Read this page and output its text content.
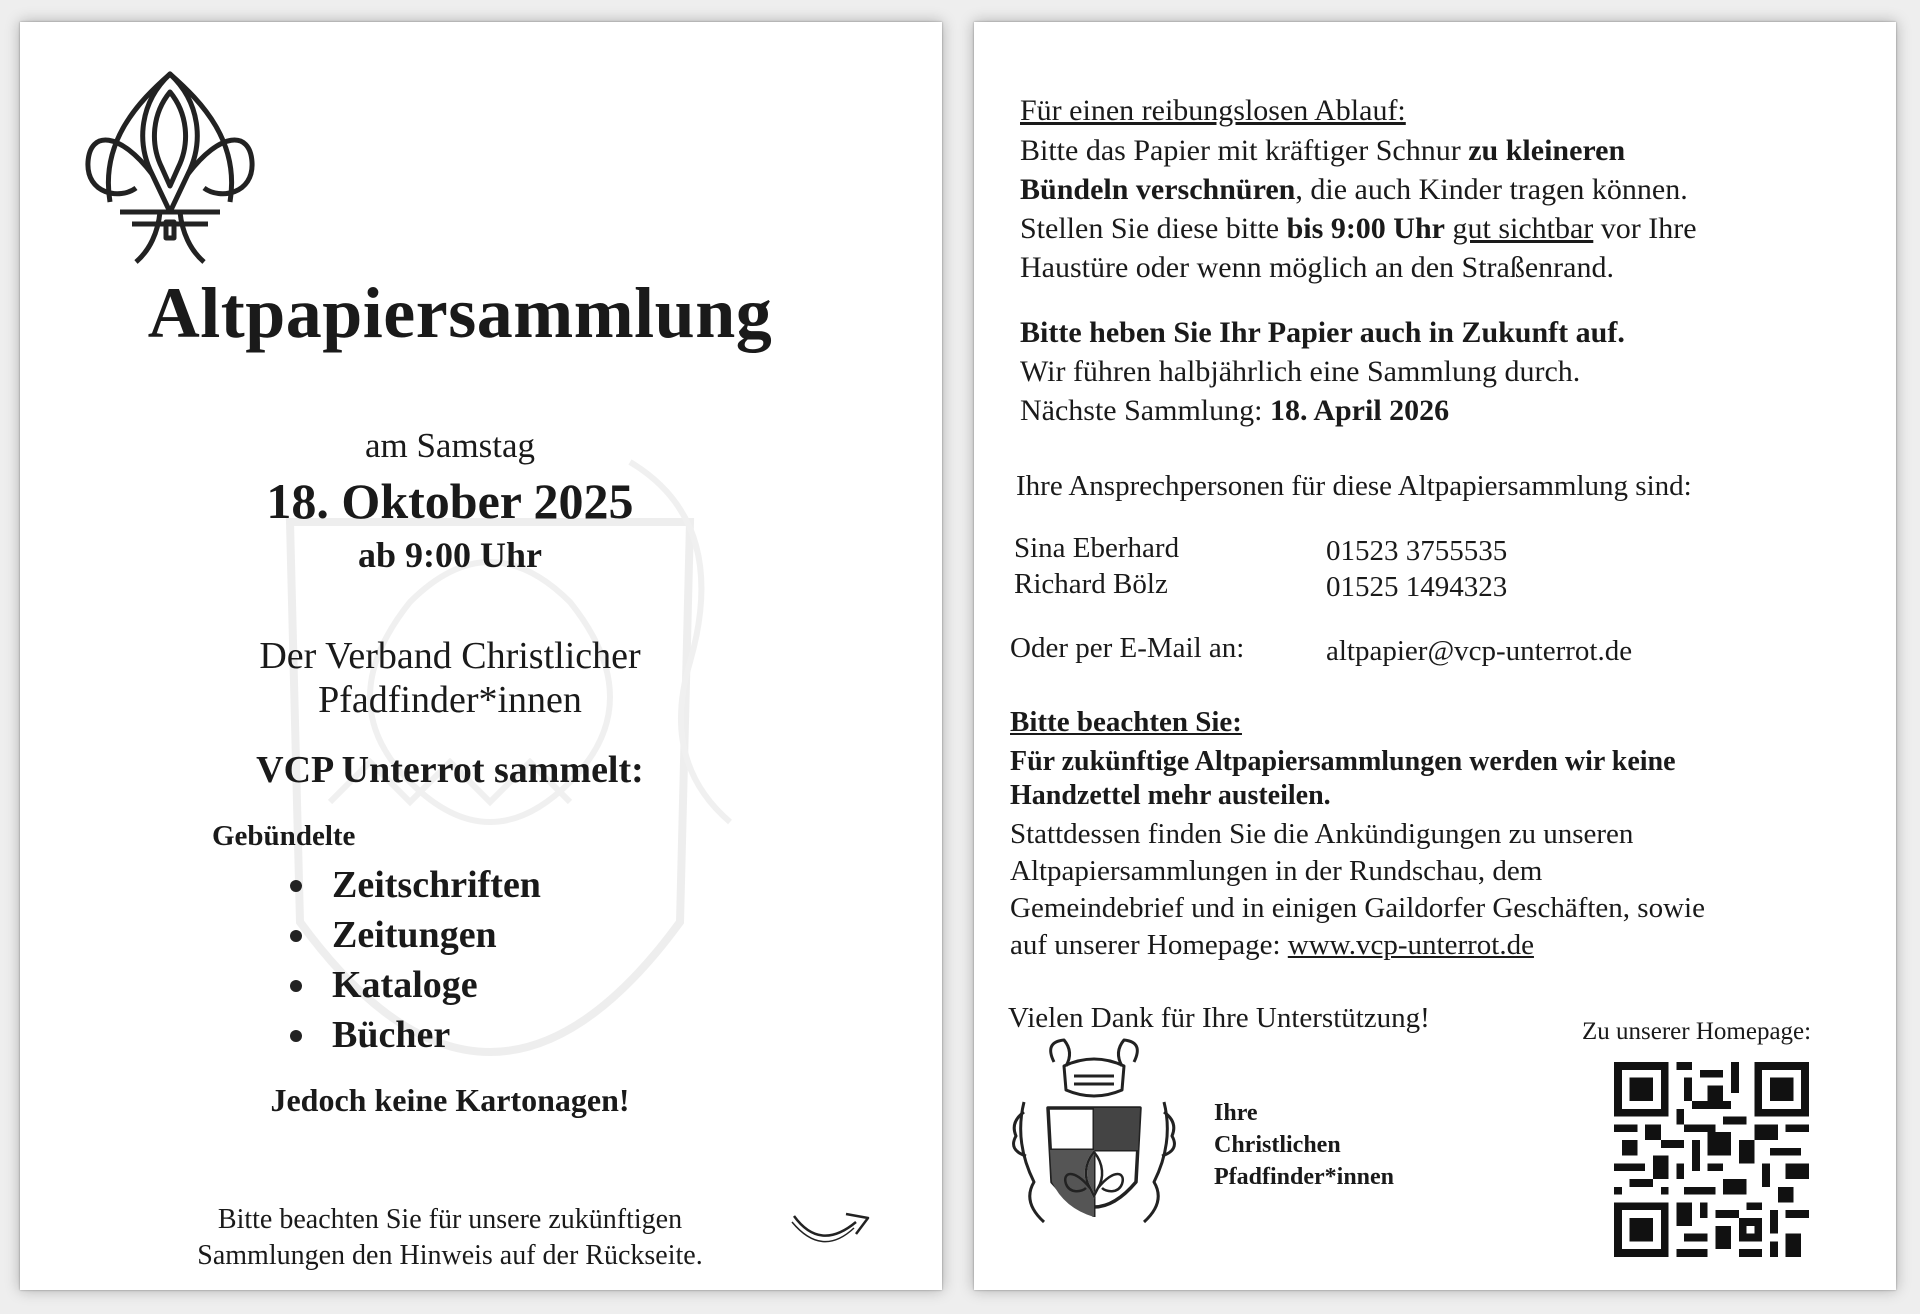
Altpapiersammlung
am Samstag
18. Oktober 2025
ab 9:00 Uhr
Der Verband Christlicher
Pfadfinder*innen
VCP Unterrot sammelt:
Gebündelte
Zeitschriften
Zeitungen
Kataloge
Bücher
Jedoch keine Kartonagen!
Bitte beachten Sie für unsere zukünftigen
Sammlungen den Hinweis auf der Rückseite.
Für einen reibungslosen Ablauf:
Bitte das Papier mit kräftiger Schnur zu kleineren
Bündeln verschnüren, die auch Kinder tragen können.
Stellen Sie diese bitte bis 9:00 Uhr gut sichtbar vor Ihre
Haustüre oder wenn möglich an den Straßenrand.
Bitte heben Sie Ihr Papier auch in Zukunft auf.
Wir führen halbjährlich eine Sammlung durch.
Nächste Sammlung: 18. April 2026
Ihre Ansprechpersonen für diese Altpapiersammlung sind:
Sina Eberhard	01523 3755535
Richard Bölz	01525 1494323
Oder per E-Mail an:	altpapier@vcp-unterrot.de
Bitte beachten Sie:
Für zukünftige Altpapiersammlungen werden wir keine
Handzettel mehr austeilen.
Stattdessen finden Sie die Ankündigungen zu unseren
Altpapiersammlungen in der Rundschau, dem
Gemeindebrief und in einigen Gaildorfer Geschäften, sowie
auf unserer Homepage: www.vcp-unterrot.de
Vielen Dank für Ihre Unterstützung!	Zu unserer Homepage:
Ihre
Christlichen
Pfadfinder*innen
